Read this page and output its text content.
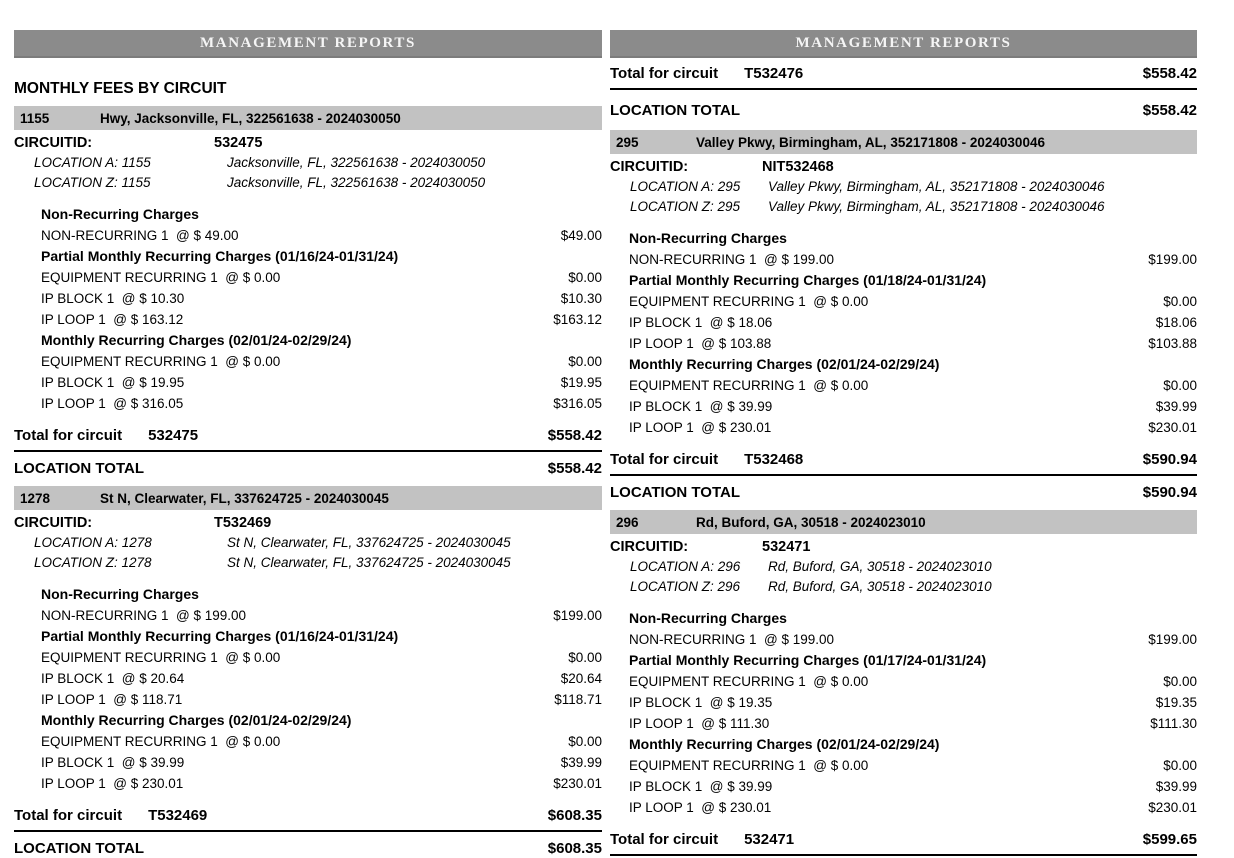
MANAGEMENT REPORTS
MONTHLY FEES BY CIRCUIT
1155	Hwy, Jacksonville, FL, 322561638 - 2024030050
CIRCUITID:	532475
LOCATION A: 1155	Jacksonville, FL, 322561638 - 2024030050
LOCATION Z: 1155	Jacksonville, FL, 322561638 - 2024030050
Non-Recurring Charges
NON-RECURRING 1  @ $ 49.00	$49.00
Partial Monthly Recurring Charges (01/16/24-01/31/24)
EQUIPMENT RECURRING 1  @ $ 0.00	$0.00
IP BLOCK 1  @ $ 10.30	$10.30
IP LOOP 1  @ $ 163.12	$163.12
Monthly Recurring Charges (02/01/24-02/29/24)
EQUIPMENT RECURRING 1  @ $ 0.00	$0.00
IP BLOCK 1  @ $ 19.95	$19.95
IP LOOP 1  @ $ 316.05	$316.05
Total for circuit 532475	$558.42
LOCATION TOTAL	$558.42
1278	St N, Clearwater, FL, 337624725 - 2024030045
CIRCUITID:	T532469
LOCATION A: 1278	St N, Clearwater, FL, 337624725 - 2024030045
LOCATION Z: 1278	St N, Clearwater, FL, 337624725 - 2024030045
Non-Recurring Charges
NON-RECURRING 1  @ $ 199.00	$199.00
Partial Monthly Recurring Charges (01/16/24-01/31/24)
EQUIPMENT RECURRING 1  @ $ 0.00	$0.00
IP BLOCK 1  @ $ 20.64	$20.64
IP LOOP 1  @ $ 118.71	$118.71
Monthly Recurring Charges (02/01/24-02/29/24)
EQUIPMENT RECURRING 1  @ $ 0.00	$0.00
IP BLOCK 1  @ $ 39.99	$39.99
IP LOOP 1  @ $ 230.01	$230.01
Total for circuit T532469	$608.35
LOCATION TOTAL	$608.35
MANAGEMENT REPORTS
Total for circuit T532476	$558.42
LOCATION TOTAL	$558.42
295	Valley Pkwy, Birmingham, AL, 352171808 - 2024030046
CIRCUITID:	NIT532468
LOCATION A: 295	Valley Pkwy, Birmingham, AL, 352171808 - 2024030046
LOCATION Z: 295	Valley Pkwy, Birmingham, AL, 352171808 - 2024030046
Non-Recurring Charges
NON-RECURRING 1  @ $ 199.00	$199.00
Partial Monthly Recurring Charges (01/18/24-01/31/24)
EQUIPMENT RECURRING 1  @ $ 0.00	$0.00
IP BLOCK 1  @ $ 18.06	$18.06
IP LOOP 1  @ $ 103.88	$103.88
Monthly Recurring Charges (02/01/24-02/29/24)
EQUIPMENT RECURRING 1  @ $ 0.00	$0.00
IP BLOCK 1  @ $ 39.99	$39.99
IP LOOP 1  @ $ 230.01	$230.01
Total for circuit T532468	$590.94
LOCATION TOTAL	$590.94
296	Rd, Buford, GA, 30518 - 2024023010
CIRCUITID:	532471
LOCATION A: 296	Rd, Buford, GA, 30518 - 2024023010
LOCATION Z: 296	Rd, Buford, GA, 30518 - 2024023010
Non-Recurring Charges
NON-RECURRING 1  @ $ 199.00	$199.00
Partial Monthly Recurring Charges (01/17/24-01/31/24)
EQUIPMENT RECURRING 1  @ $ 0.00	$0.00
IP BLOCK 1  @ $ 19.35	$19.35
IP LOOP 1  @ $ 111.30	$111.30
Monthly Recurring Charges (02/01/24-02/29/24)
EQUIPMENT RECURRING 1  @ $ 0.00	$0.00
IP BLOCK 1  @ $ 39.99	$39.99
IP LOOP 1  @ $ 230.01	$230.01
Total for circuit 532471	$599.65
